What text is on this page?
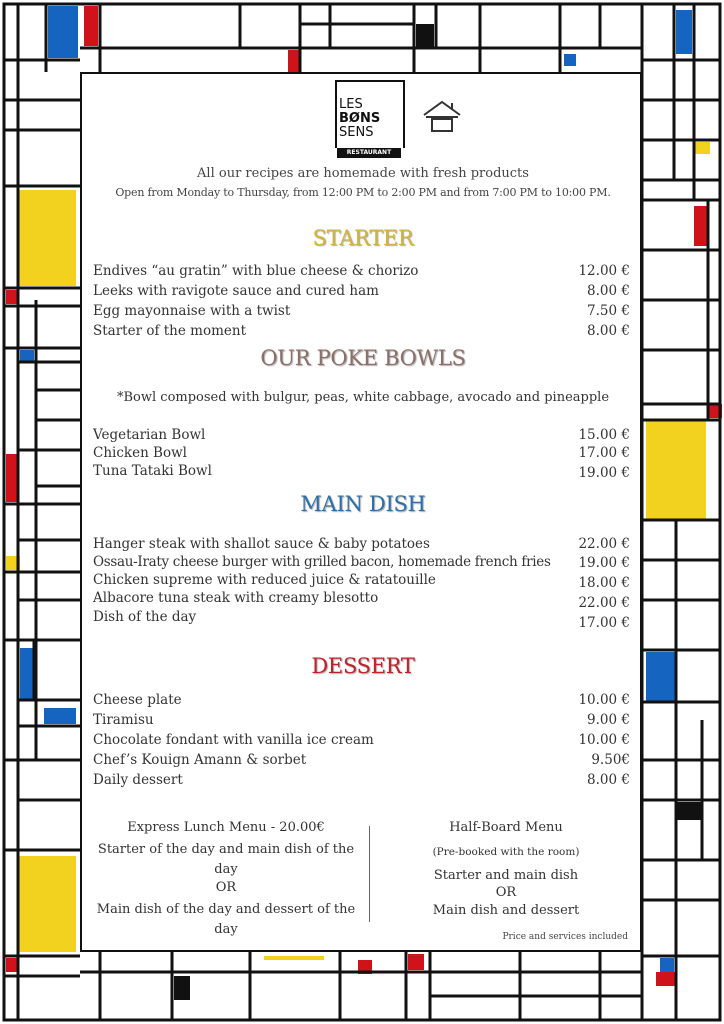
LES
BØNS
SENS
RESTAURANT
All our recipes are homemade with fresh products
Open from Monday to Thursday, from 12:00 PM to 2:00 PM and from 7:00 PM to 10:00 PM.
STARTER
Endives “au gratin” with blue cheese & chorizo	12.00 €
Leeks with ravigote sauce and cured ham	8.00 €
Egg mayonnaise with a twist	7.50 €
Starter of the moment	8.00 €
OUR POKE BOWLS
*Bowl composed with bulgur, peas, white cabbage, avocado and pineapple
Vegetarian Bowl	15.00 €
Chicken Bowl	17.00 €
Tuna Tataki Bowl	19.00 €
MAIN DISH
Hanger steak with shallot sauce & baby potatoes	22.00 €
Ossau-Iraty cheese burger with grilled bacon, homemade french fries 19.00 €
Chicken supreme with reduced juice & ratatouille	18.00 €
Albacore tuna steak with creamy blesotto	22.00 €
Dish of the day	17.00 €
DESSERT
Cheese plate	10.00 €
Tiramisu	9.00 €
Chocolate fondant with vanilla ice cream	10.00 €
Chef’s Kouign Amann & sorbet	9.50€
Daily dessert	8.00 €
Express Lunch Menu - 20.00€
Starter of the day and main dish of the day
OR
Main dish of the day and dessert of the day
Half-Board Menu
(Pre-booked with the room)
Starter and main dish
OR
Main dish and dessert
Price and services included
